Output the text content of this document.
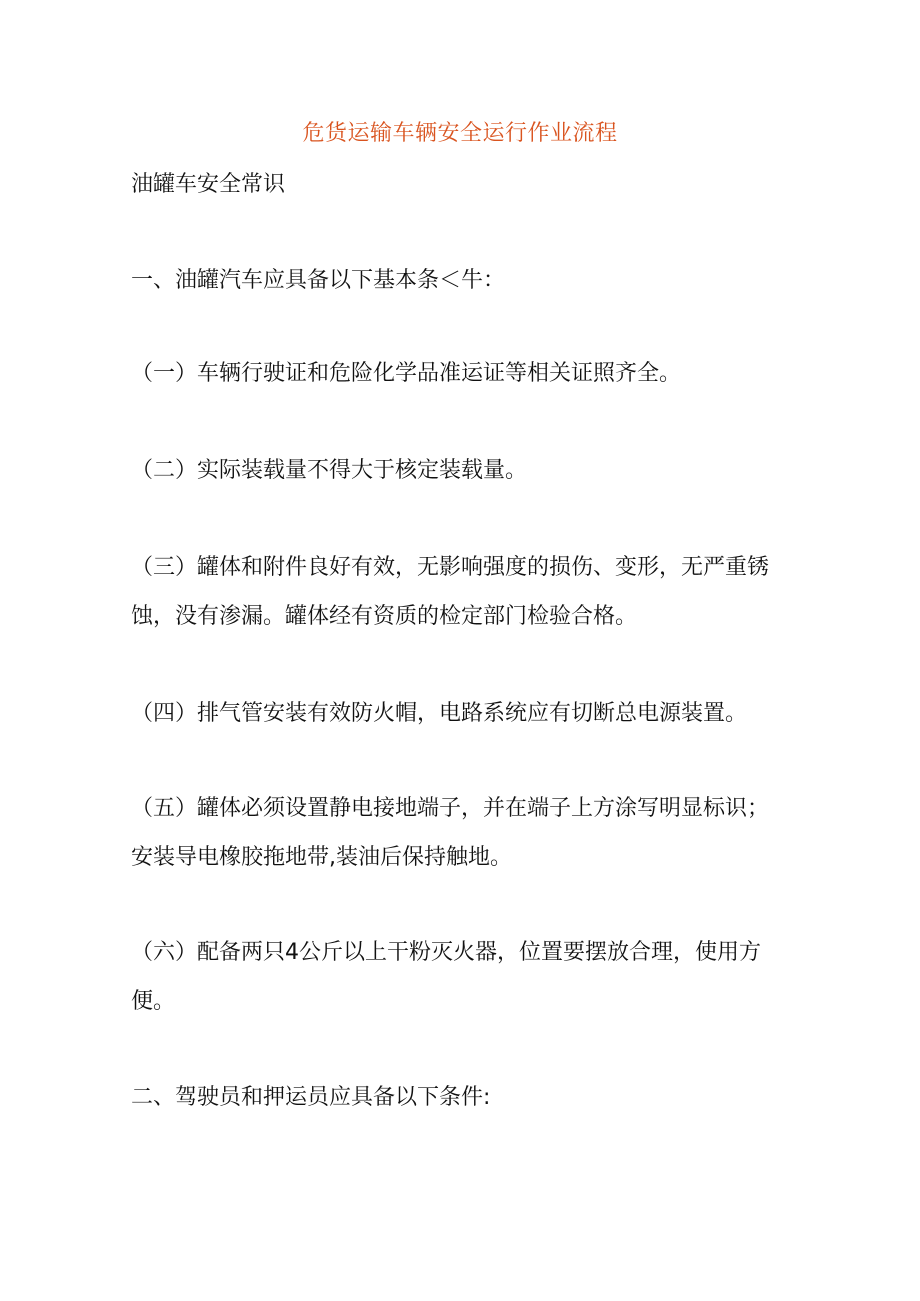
危货运输车辆安全运行作业流程
油罐车安全常识
一、油罐汽车应具备以下基本条＜牛：
（一）车辆行驶证和危险化学品准运证等相关证照齐全。
（二）实际装载量不得大于核定装载量。
（三）罐体和附件良好有效，无影响强度的损伤、变形，无严重锈
蚀，没有渗漏。罐体经有资质的检定部门检验合格。
（四）排气管安装有效防火帽，电路系统应有切断总电源装置。
（五）罐体必须设置静电接地端子，并在端子上方涂写明显标识；
安装导电橡胶拖地带,装油后保持触地。
（六）配备两只4公斤以上干粉灭火器，位置要摆放合理，使用方
便。
二、驾驶员和押运员应具备以下条件:
